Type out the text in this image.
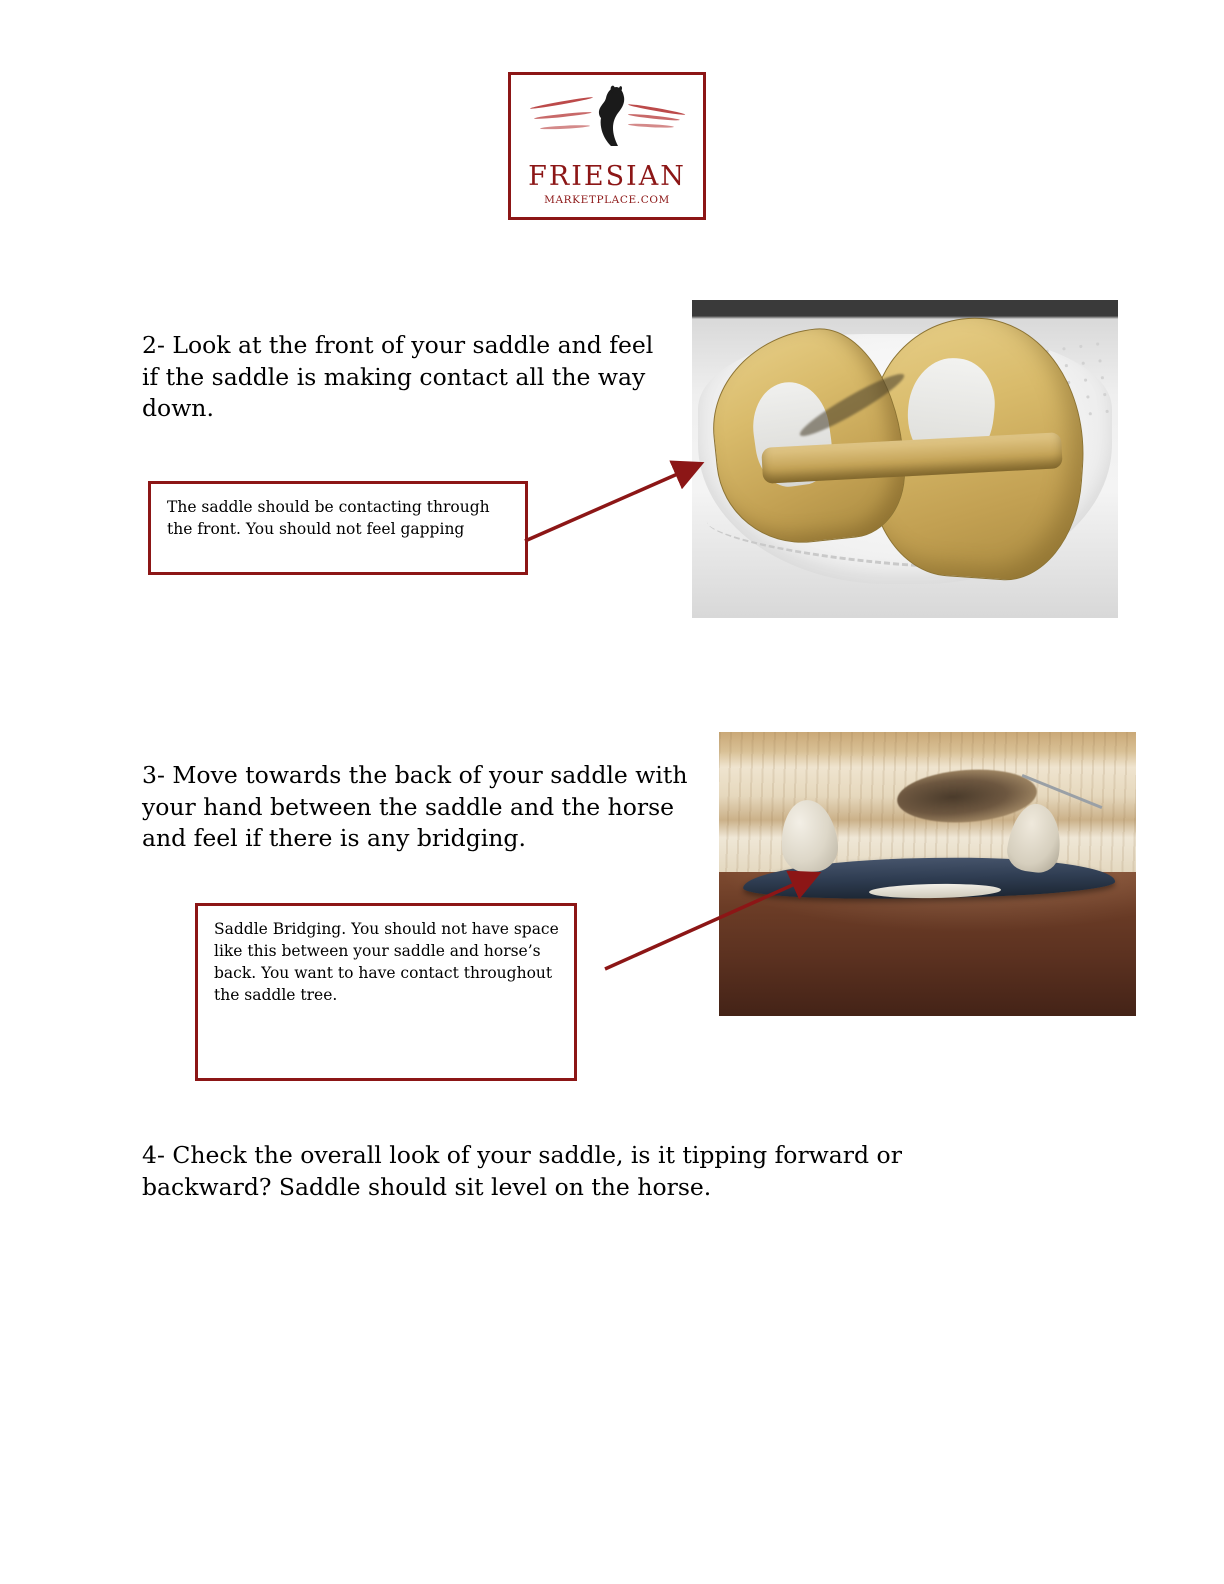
FRIESIAN
MARKETPLACE.COM
2- Look at the front of your saddle and feel if the saddle is making contact all the way down.
The saddle should be contacting through the front. You should not feel gapping
3- Move towards the back of your saddle with your hand between the saddle and the horse and feel if there is any bridging.
Saddle Bridging. You should not have space like this between your saddle and horse’s back. You want to have contact throughout the saddle tree.
4- Check the overall look of your saddle, is it tipping forward or backward? Saddle should sit level on the horse.
